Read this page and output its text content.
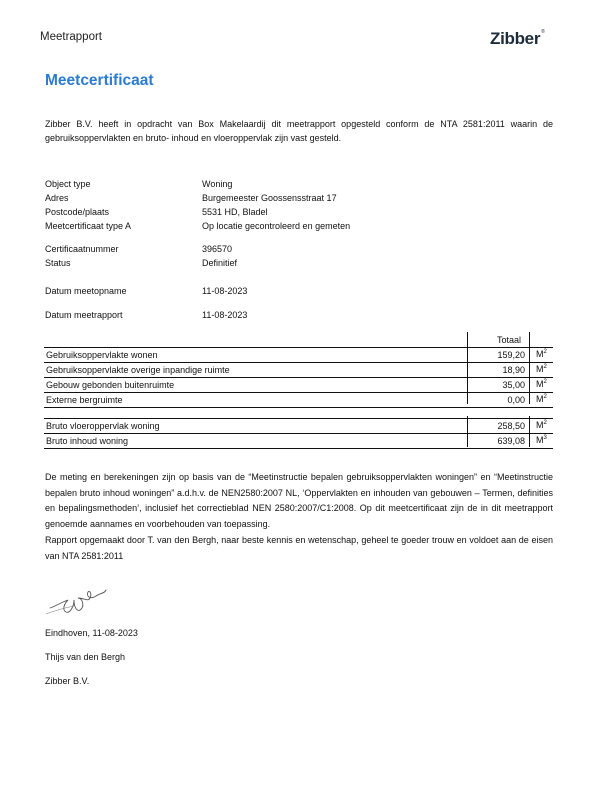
Meetrapport	Zibber®
Meetcertificaat
Zibber B.V. heeft in opdracht van Box Makelaardij dit meetrapport opgesteld conform de NTA 2581:2011 waarin de gebruiksoppervlakten en bruto- inhoud en vloeroppervlak zijn vast gesteld.
Object type	Woning
Adres	Burgemeester Goossensstraat 17
Postcode/plaats	5531 HD, Bladel
Meetcertificaat type A	Op locatie gecontroleerd en gemeten
Certificaatnummer	396570
Status	Definitief
Datum meetopname	11-08-2023
Datum meetrapport	11-08-2023
Totaal
Gebruiksoppervlakte wonen	159,20 $M^2$
Gebruiksoppervlakte overige inpandige ruimte	18,90 $M^2$
Gebouw gebonden buitenruimte	35,00 $M^2$
Externe bergruimte	0,00 $M^2$
Bruto vloeroppervlak woning	258,50 $M^2$
Bruto inhoud woning	639,08 $M^3$
De meting en berekeningen zijn op basis van de “Meetinstructie bepalen gebruiksoppervlakten woningen” en “Meetinstructie bepalen bruto inhoud woningen” a.d.h.v. de NEN2580:2007 NL, ‘Oppervlakten en inhouden van gebouwen – Termen, definities en bepalingsmethoden’, inclusief het correctieblad NEN 2580:2007/C1:2008. Op dit meetcertificaat zijn de in dit meetrapport genoemde aannames en voorbehouden van toepassing.
Rapport opgemaakt door T. van den Bergh, naar beste kennis en wetenschap, geheel te goeder trouw en voldoet aan de eisen van NTA 2581:2011
Eindhoven, 11-08-2023
Thijs van den Bergh
Zibber B.V.
